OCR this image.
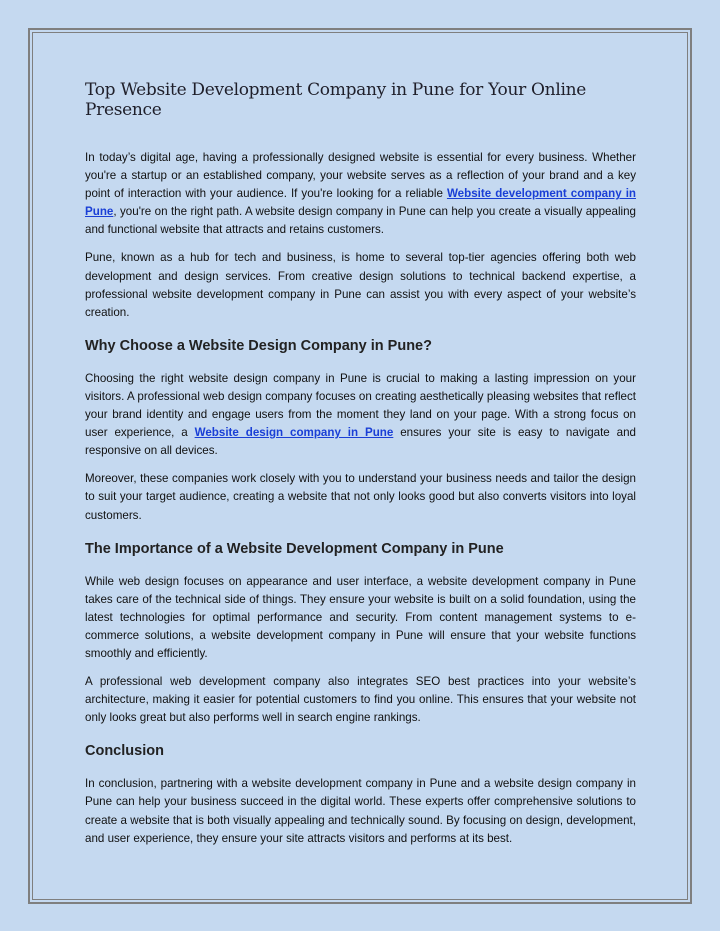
Top Website Development Company in Pune for Your Online Presence

In today’s digital age, having a professionally designed website is essential for every business. Whether you're a startup or an established company, your website serves as a reflection of your brand and a key point of interaction with your audience. If you're looking for a reliable Website development company in Pune, you're on the right path. A website design company in Pune can help you create a visually appealing and functional website that attracts and retains customers.

Pune, known as a hub for tech and business, is home to several top-tier agencies offering both web development and design services. From creative design solutions to technical backend expertise, a professional website development company in Pune can assist you with every aspect of your website’s creation.

Why Choose a Website Design Company in Pune?

Choosing the right website design company in Pune is crucial to making a lasting impression on your visitors. A professional web design company focuses on creating aesthetically pleasing websites that reflect your brand identity and engage users from the moment they land on your page. With a strong focus on user experience, a Website design company in Pune ensures your site is easy to navigate and responsive on all devices.

Moreover, these companies work closely with you to understand your business needs and tailor the design to suit your target audience, creating a website that not only looks good but also converts visitors into loyal customers.

The Importance of a Website Development Company in Pune

While web design focuses on appearance and user interface, a website development company in Pune takes care of the technical side of things. They ensure your website is built on a solid foundation, using the latest technologies for optimal performance and security. From content management systems to e-commerce solutions, a website development company in Pune will ensure that your website functions smoothly and efficiently.

A professional web development company also integrates SEO best practices into your website’s architecture, making it easier for potential customers to find you online. This ensures that your website not only looks great but also performs well in search engine rankings.

Conclusion

In conclusion, partnering with a website development company in Pune and a website design company in Pune can help your business succeed in the digital world. These experts offer comprehensive solutions to create a website that is both visually appealing and technically sound. By focusing on design, development, and user experience, they ensure your site attracts visitors and performs at its best.
